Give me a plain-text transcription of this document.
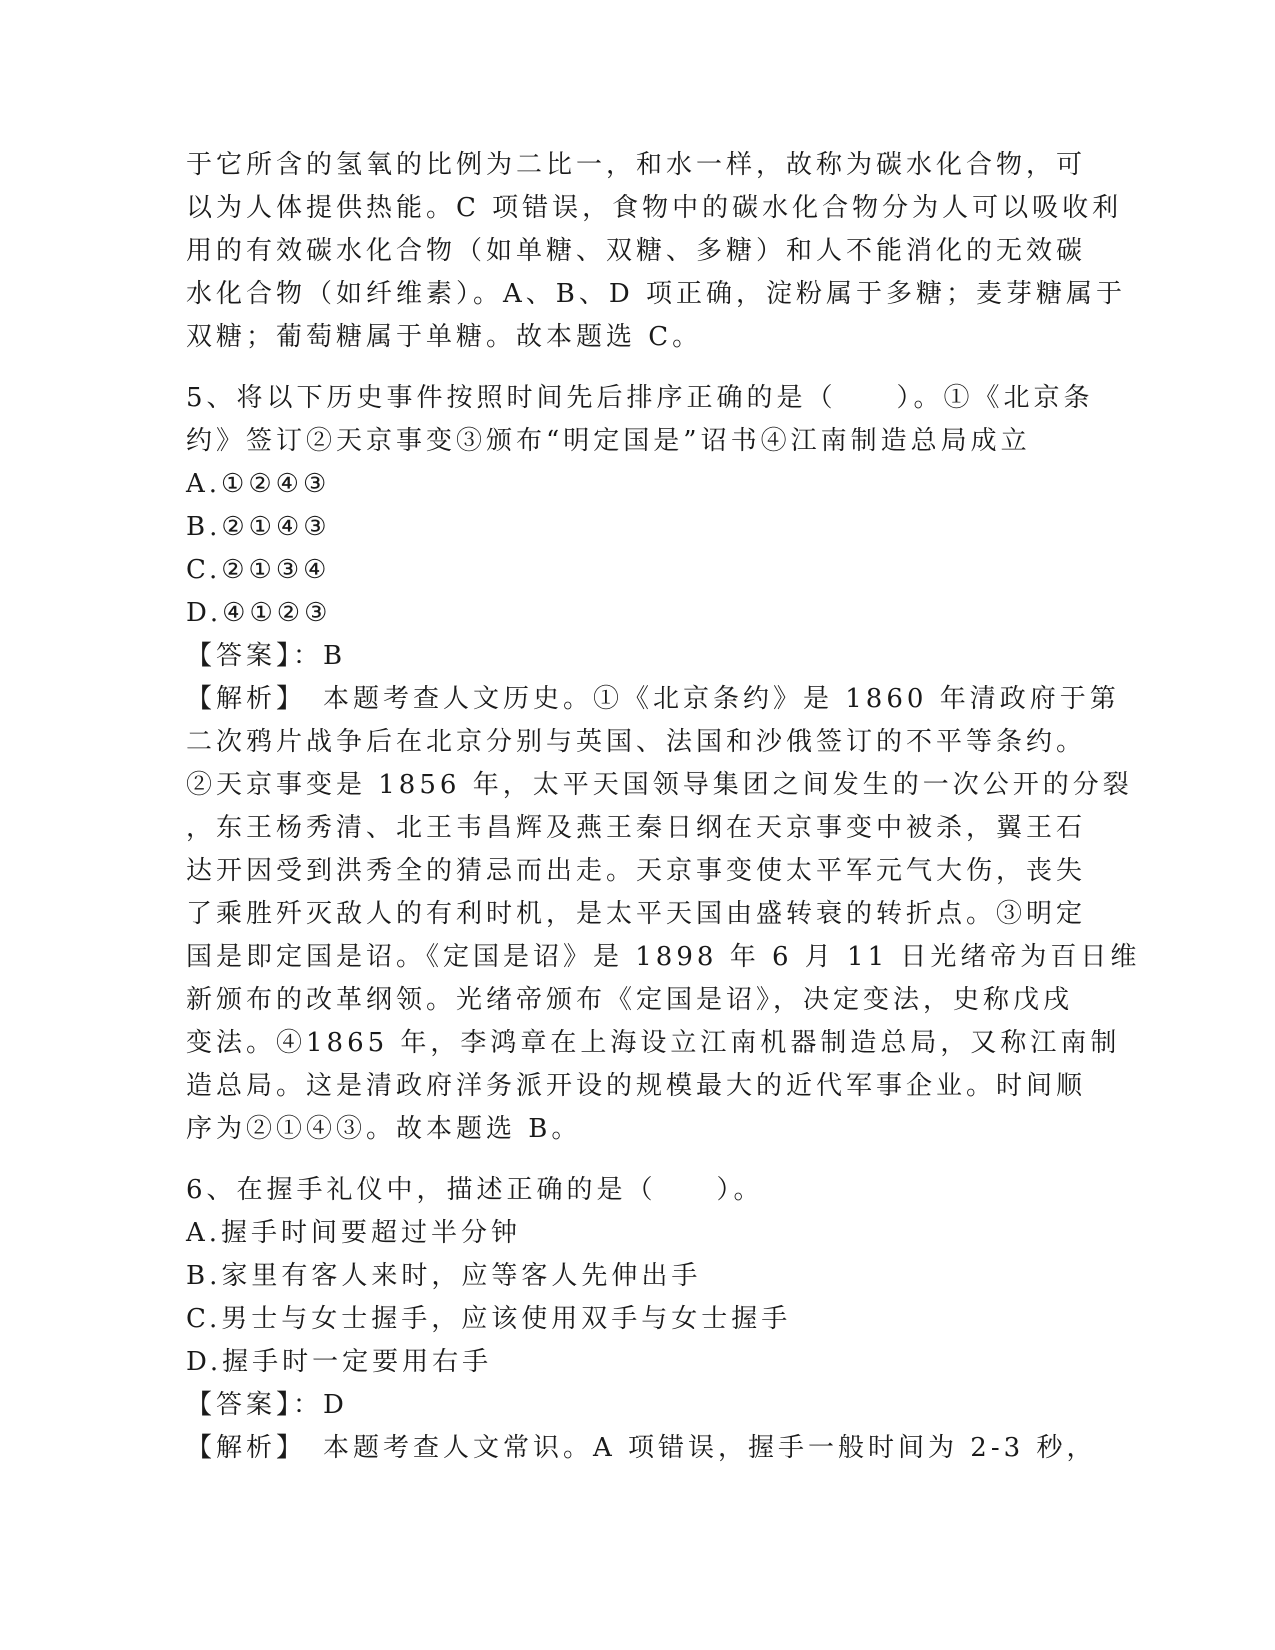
于它所含的氢氧的比例为二比一，和水一样，故称为碳水化合物，可
以为人体提供热能。C 项错误，食物中的碳水化合物分为人可以吸收利
用的有效碳水化合物（如单糖、双糖、多糖）和人不能消化的无效碳
水化合物（如纤维素）。A、B、D 项正确，淀粉属于多糖；麦芽糖属于
双糖；葡萄糖属于单糖。故本题选 C。
5、将以下历史事件按照时间先后排序正确的是（　　）。①《北京条
约》签订②天京事变③颁布“明定国是”诏书④江南制造总局成立
A.①②④③
B.②①④③
C.②①③④
D.④①②③
【答案】：B
【解析】　本题考查人文历史。①《北京条约》是 1860 年清政府于第
二次鸦片战争后在北京分别与英国、法国和沙俄签订的不平等条约。
②天京事变是 1856 年，太平天国领导集团之间发生的一次公开的分裂
，东王杨秀清、北王韦昌辉及燕王秦日纲在天京事变中被杀，翼王石
达开因受到洪秀全的猜忌而出走。天京事变使太平军元气大伤，丧失
了乘胜歼灭敌人的有利时机，是太平天国由盛转衰的转折点。③明定
国是即定国是诏。《定国是诏》是 1898 年 6 月 11 日光绪帝为百日维
新颁布的改革纲领。光绪帝颁布《定国是诏》，决定变法，史称戊戌
变法。④1865 年，李鸿章在上海设立江南机器制造总局，又称江南制
造总局。这是清政府洋务派开设的规模最大的近代军事企业。时间顺
序为②①④③。故本题选 B。
6、在握手礼仪中，描述正确的是（　　）。
A.握手时间要超过半分钟
B.家里有客人来时，应等客人先伸出手
C.男士与女士握手，应该使用双手与女士握手
D.握手时一定要用右手
【答案】：D
【解析】　本题考查人文常识。A 项错误，握手一般时间为 2-3 秒，
